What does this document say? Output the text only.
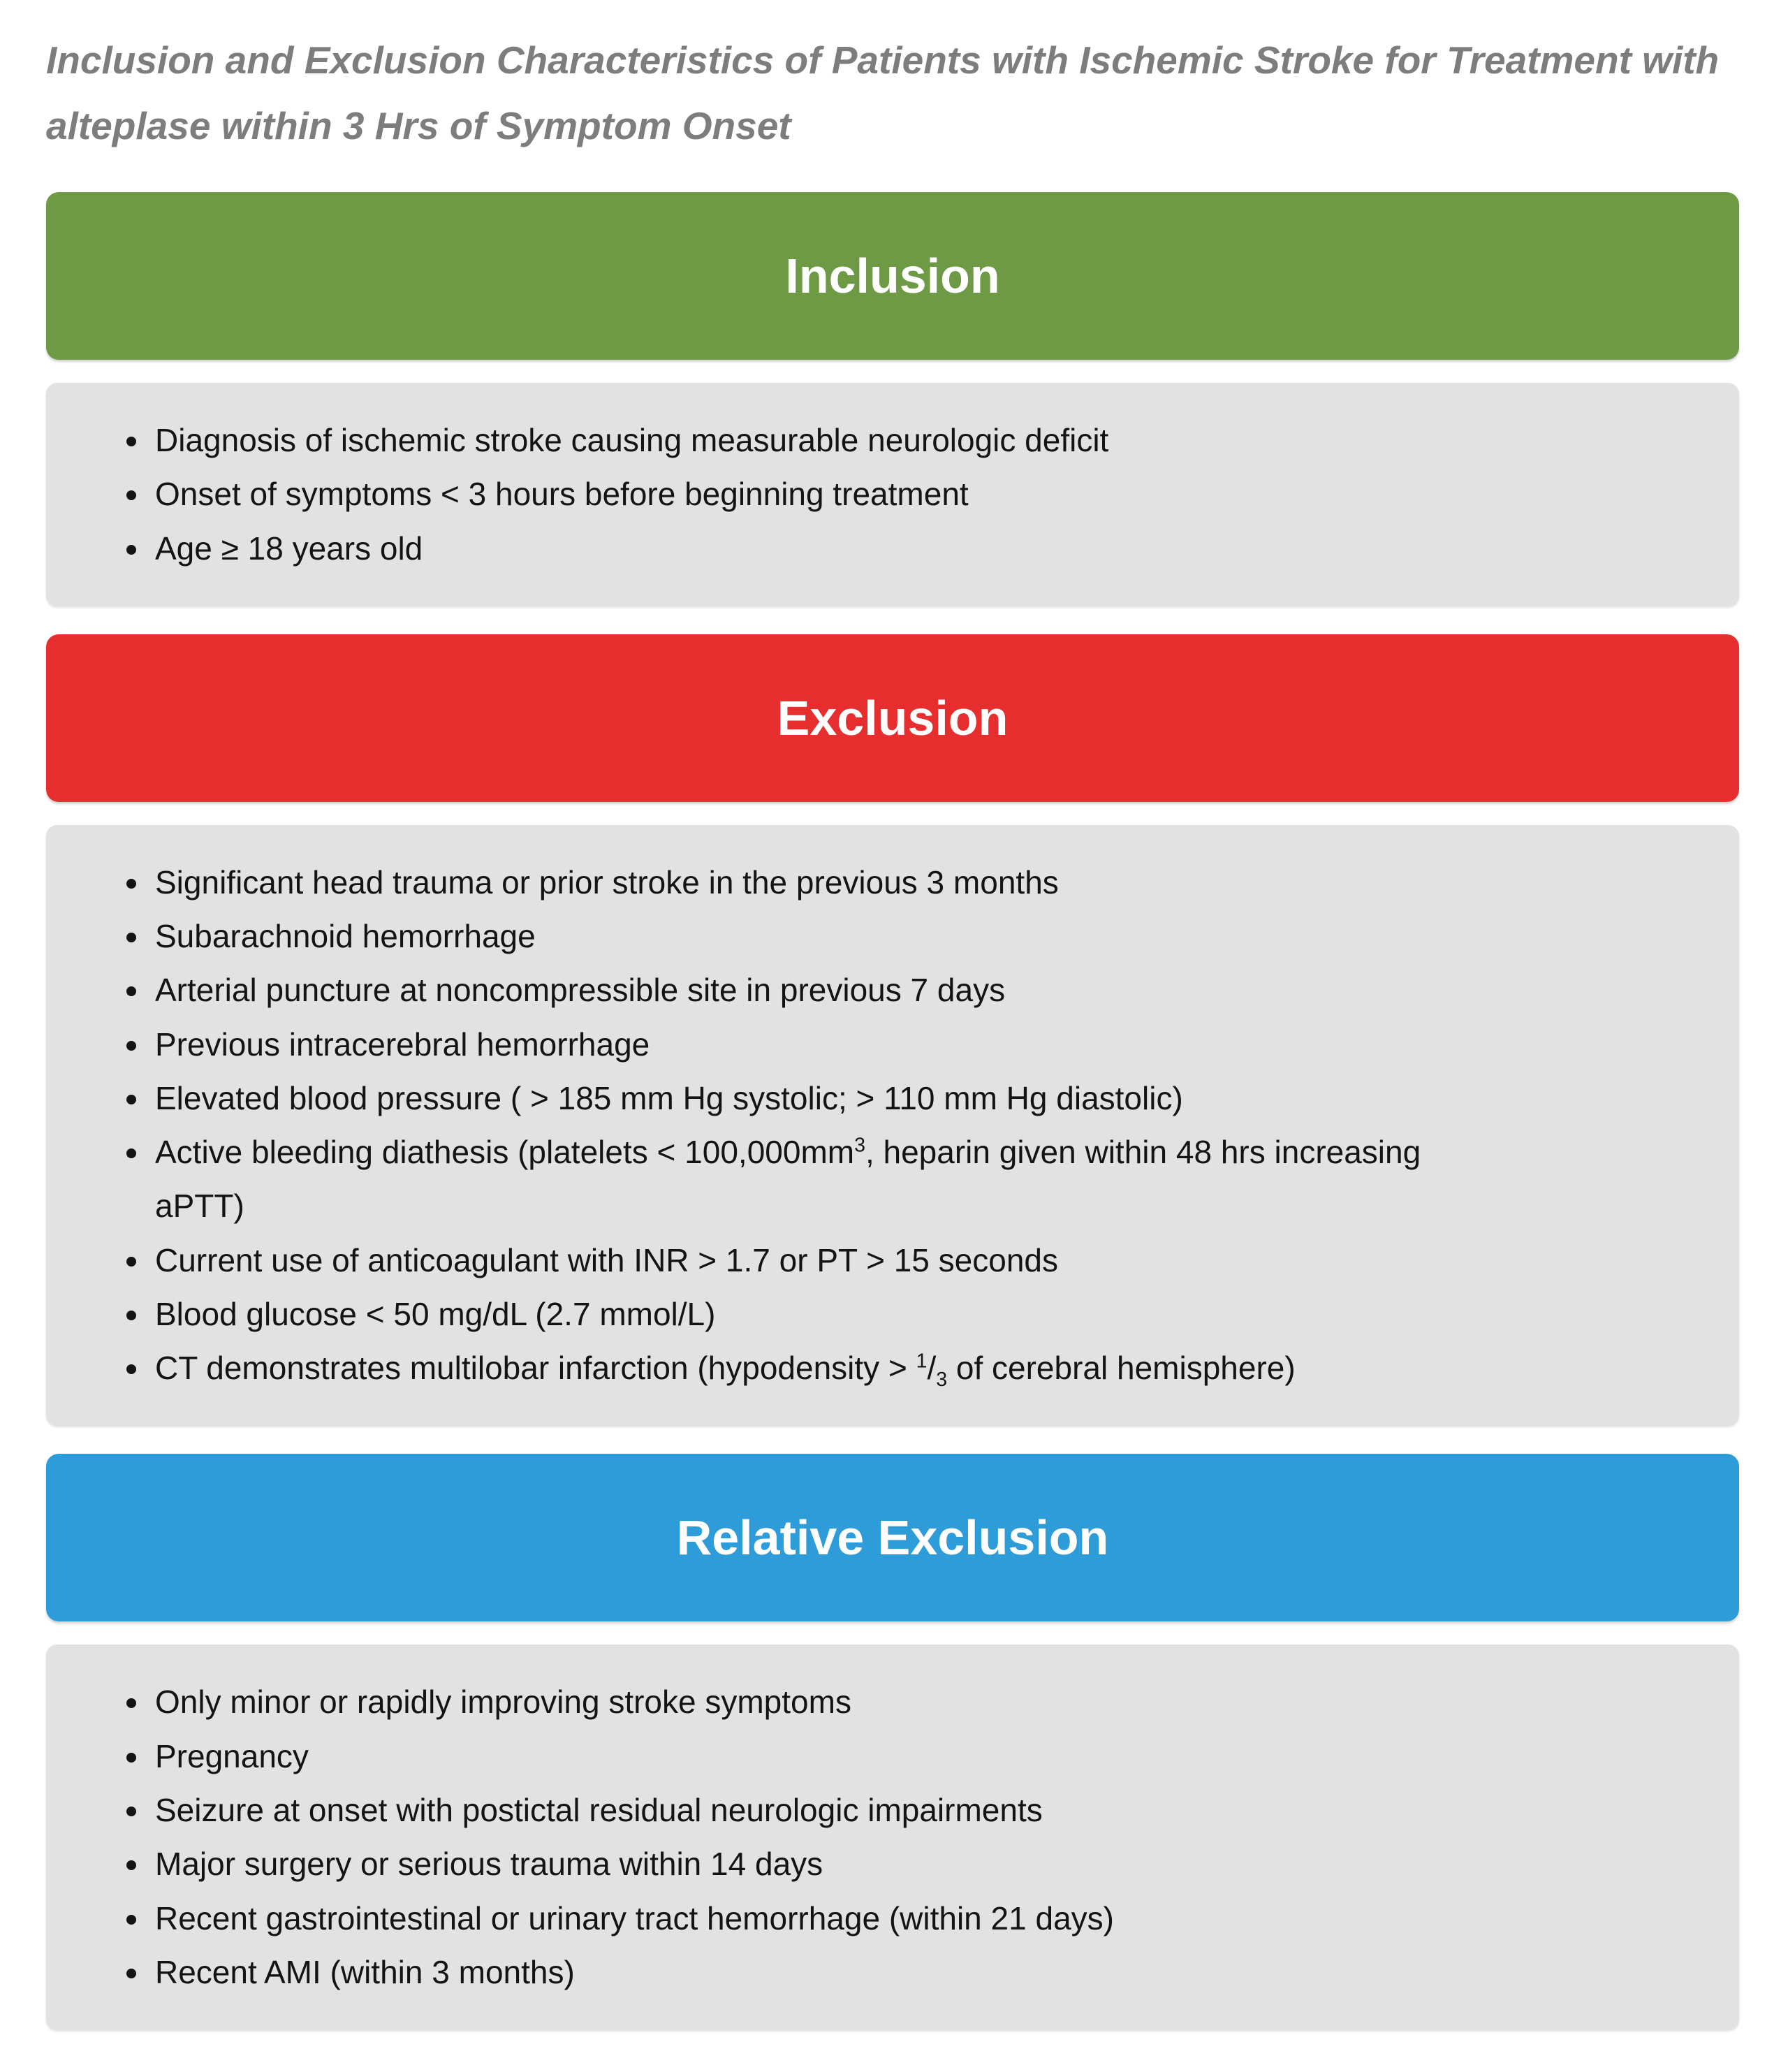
Inclusion and Exclusion Characteristics of Patients with Ischemic Stroke for Treatment with
alteplase within 3 Hrs of Symptom Onset
Inclusion
• Diagnosis of ischemic stroke causing measurable neurologic deficit
• Onset of symptoms < 3 hours before beginning treatment
• Age ≥ 18 years old
Exclusion
• Significant head trauma or prior stroke in the previous 3 months
• Subarachnoid hemorrhage
• Arterial puncture at noncompressible site in previous 7 days
• Previous intracerebral hemorrhage
• Elevated blood pressure ( > 185 mm Hg systolic; > 110 mm Hg diastolic)
• Active bleeding diathesis (platelets < $100,000mm^3$, heparin given within 48 hrs increasing
aPTT)
• Current use of anticoagulant with INR > 1.7 or PT > 15 seconds
• Blood glucose < 50 mg/dL (2.7 mmol/L)
• CT demonstrates multilobar infarction (hypodensity > $^1/_3$ of cerebral hemisphere)
Relative Exclusion
• Only minor or rapidly improving stroke symptoms
• Pregnancy
• Seizure at onset with postictal residual neurologic impairments
• Major surgery or serious trauma within 14 days
• Recent gastrointestinal or urinary tract hemorrhage (within 21 days)
• Recent AMI (within 3 months)
